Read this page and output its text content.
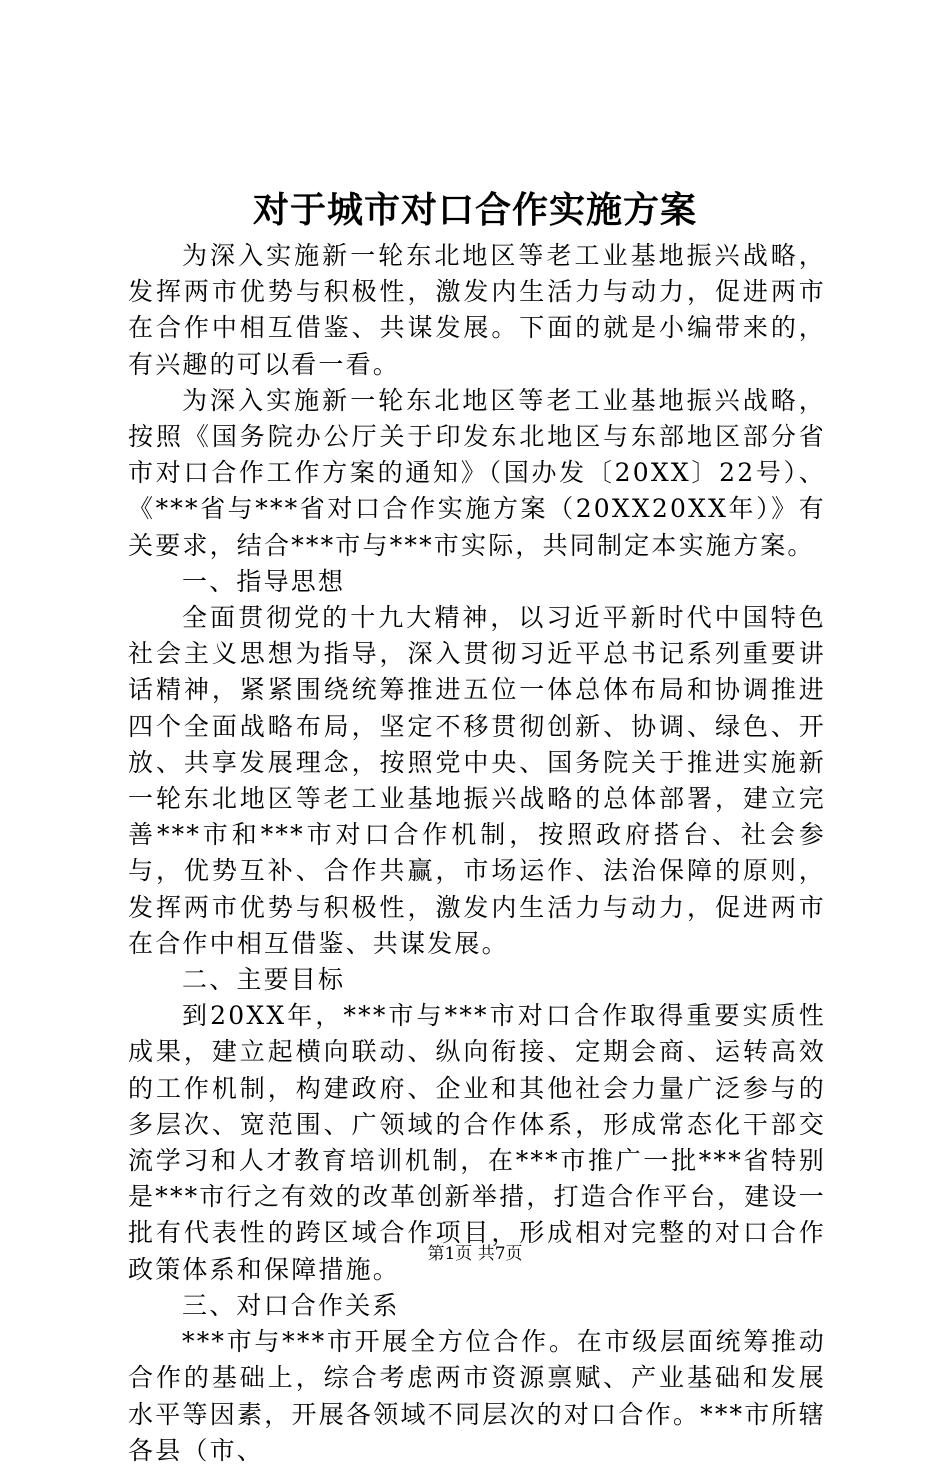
对于城市对口合作实施方案

为深入实施新一轮东北地区等老工业基地振兴战略，发挥两市优势与积极性，激发内生活力与动力，促进两市在合作中相互借鉴、共谋发展。下面的就是小编带来的，有兴趣的可以看一看。

为深入实施新一轮东北地区等老工业基地振兴战略，按照《国务院办公厅关于印发东北地区与东部地区部分省市对口合作工作方案的通知》（国办发〔20XX〕22号）、《***省与***省对口合作实施方案（20XX20XX年）》有关要求，结合***市与***市实际，共同制定本实施方案。

一、指导思想

全面贯彻党的十九大精神，以习近平新时代中国特色社会主义思想为指导，深入贯彻习近平总书记系列重要讲话精神，紧紧围绕统筹推进五位一体总体布局和协调推进四个全面战略布局，坚定不移贯彻创新、协调、绿色、开放、共享发展理念，按照党中央、国务院关于推进实施新一轮东北地区等老工业基地振兴战略的总体部署，建立完善***市和***市对口合作机制，按照政府搭台、社会参与，优势互补、合作共赢，市场运作、法治保障的原则，发挥两市优势与积极性，激发内生活力与动力，促进两市在合作中相互借鉴、共谋发展。

二、主要目标

到20XX年，***市与***市对口合作取得重要实质性成果，建立起横向联动、纵向衔接、定期会商、运转高效的工作机制，构建政府、企业和其他社会力量广泛参与的多层次、宽范围、广领域的合作体系，形成常态化干部交流学习和人才教育培训机制，在***市推广一批***省特别是***市行之有效的改革创新举措，打造合作平台，建设一批有代表性的跨区域合作项目，形成相对完整的对口合作政策体系和保障措施。

三、对口合作关系

***市与***市开展全方位合作。在市级层面统筹推动合作的基础上，综合考虑两市资源禀赋、产业基础和发展水平等因素，开展各领域不同层次的对口合作。***市所辖各县（市、

第1页 共7页
